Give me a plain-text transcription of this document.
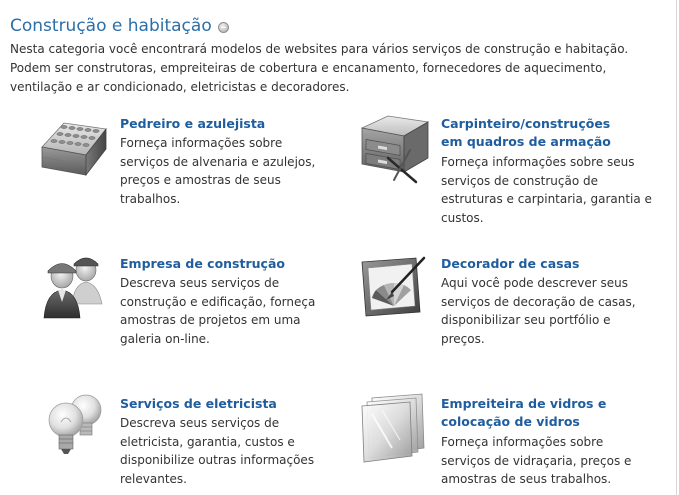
Construção e habitação
Nesta categoria você encontrará modelos de websites para vários serviços de construção e habitação. Podem ser construtoras, empreiteiras de cobertura e encanamento, fornecedores de aquecimento, ventilação e ar condicionado, eletricistas e decoradores.
Pedreiro e azulejista
Forneça informações sobre serviços de alvenaria e azulejos, preços e amostras de seus trabalhos.
Carpinteiro/construções em quadros de armação
Forneça informações sobre seus serviços de construção de estruturas e carpintaria, garantia e custos.
Empresa de construção
Descreva seus serviços de construção e edificação, forneça amostras de projetos em uma galeria on-line.
Decorador de casas
Aqui você pode descrever seus serviços de decoração de casas, disponibilizar seu portfólio e preços.
Serviços de eletricista
Descreva seus serviços de eletricista, garantia, custos e disponibilize outras informações relevantes.
Empreiteira de vidros e colocação de vidros
Forneça informações sobre serviços de vidraçaria, preços e amostras de seus trabalhos.
